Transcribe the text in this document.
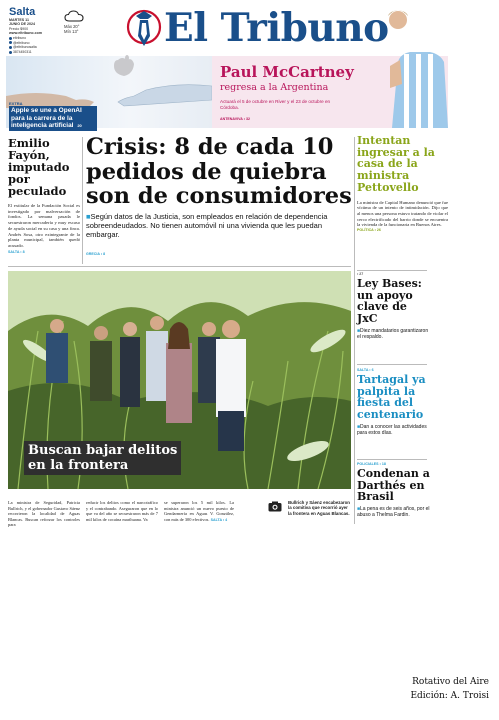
Salta
MARTES 11
JUNIO DE 2024
Precio $900
www.eltribuno.com
eltribuno
@eltribuno
@eltribunosalta
3874450311
Máx 20°
Mín 13° El Tribuno
EXTRA
Apple se une a OpenAI para la carrera de la inteligencia artificial 20
Paul McCartney
regresa a la Argentina
Actuará el 5 de octubre en River y el 23 de octubre en Córdoba.
ANTENAVIVA • 32
Emilio Fayón, imputado por peculado
El extitular de la Fundación Social es investigado por malversación de fondos. La semana pasada le secuestraron mercadería y muy escaso de ayuda social en su casa y una finca. Andrés Sosa, otro exintegrante de la planta municipal, también quedó acusado.
SALTA • 8
Crisis: 8 de cada 10 pedidos de quiebra son de consumidores
■Según datos de la Justicia, son empleados en relación de dependencia sobreendeudados. No tienen automóvil ni una vivienda que les puedan embargar.
GRECIA • 8
Intentan ingresar a la casa de la ministra Pettovello
La ministra de Capital Humano denunció que fue víctima de un intento de intimidación. Dijo que al menos una persona estuvo tratando de violar el cerco electrificado del barrio donde se encuentra la vivienda de la funcionaria en Buenos Aires.
POLÍTICA • 26
• 27
Ley Bases: un apoyo clave de JxC
■Diez mandatarios garantizaron el respaldo.
SALTA • 6
Tartagal ya palpita la fiesta del centenario
■Dan a conocer las actividades para estos días.
POLICIALES • 18
Condenan a Darthés en Brasil
■La pena es de seis años, por el abuso a Thelma Fardin.
Buscan bajar delitos
en la frontera
La ministra de Seguridad, Patricia Bullrich, y el gobernador Gustavo Sáenz recorrieron la localidad de Aguas Blancas. Buscan reforzar los controles para
reducir los delitos como el narcotráfico y el contrabando. Aseguraron que en lo que va del año se secuestraron más de 7 mil kilos de cocaína marihuana. Va
se superaron los 5 mil kilos. La ministra anunció un nuevo puesto de Gendarmería en Aguas V. González, con más de 300 efectivos. SALTA • 4
Bullrich y Sáenz encabezaron la comitiva que recorrió ayer la frontera en Aguas Blancas.
Rotativo del Aire
Edición: A. Troisi
